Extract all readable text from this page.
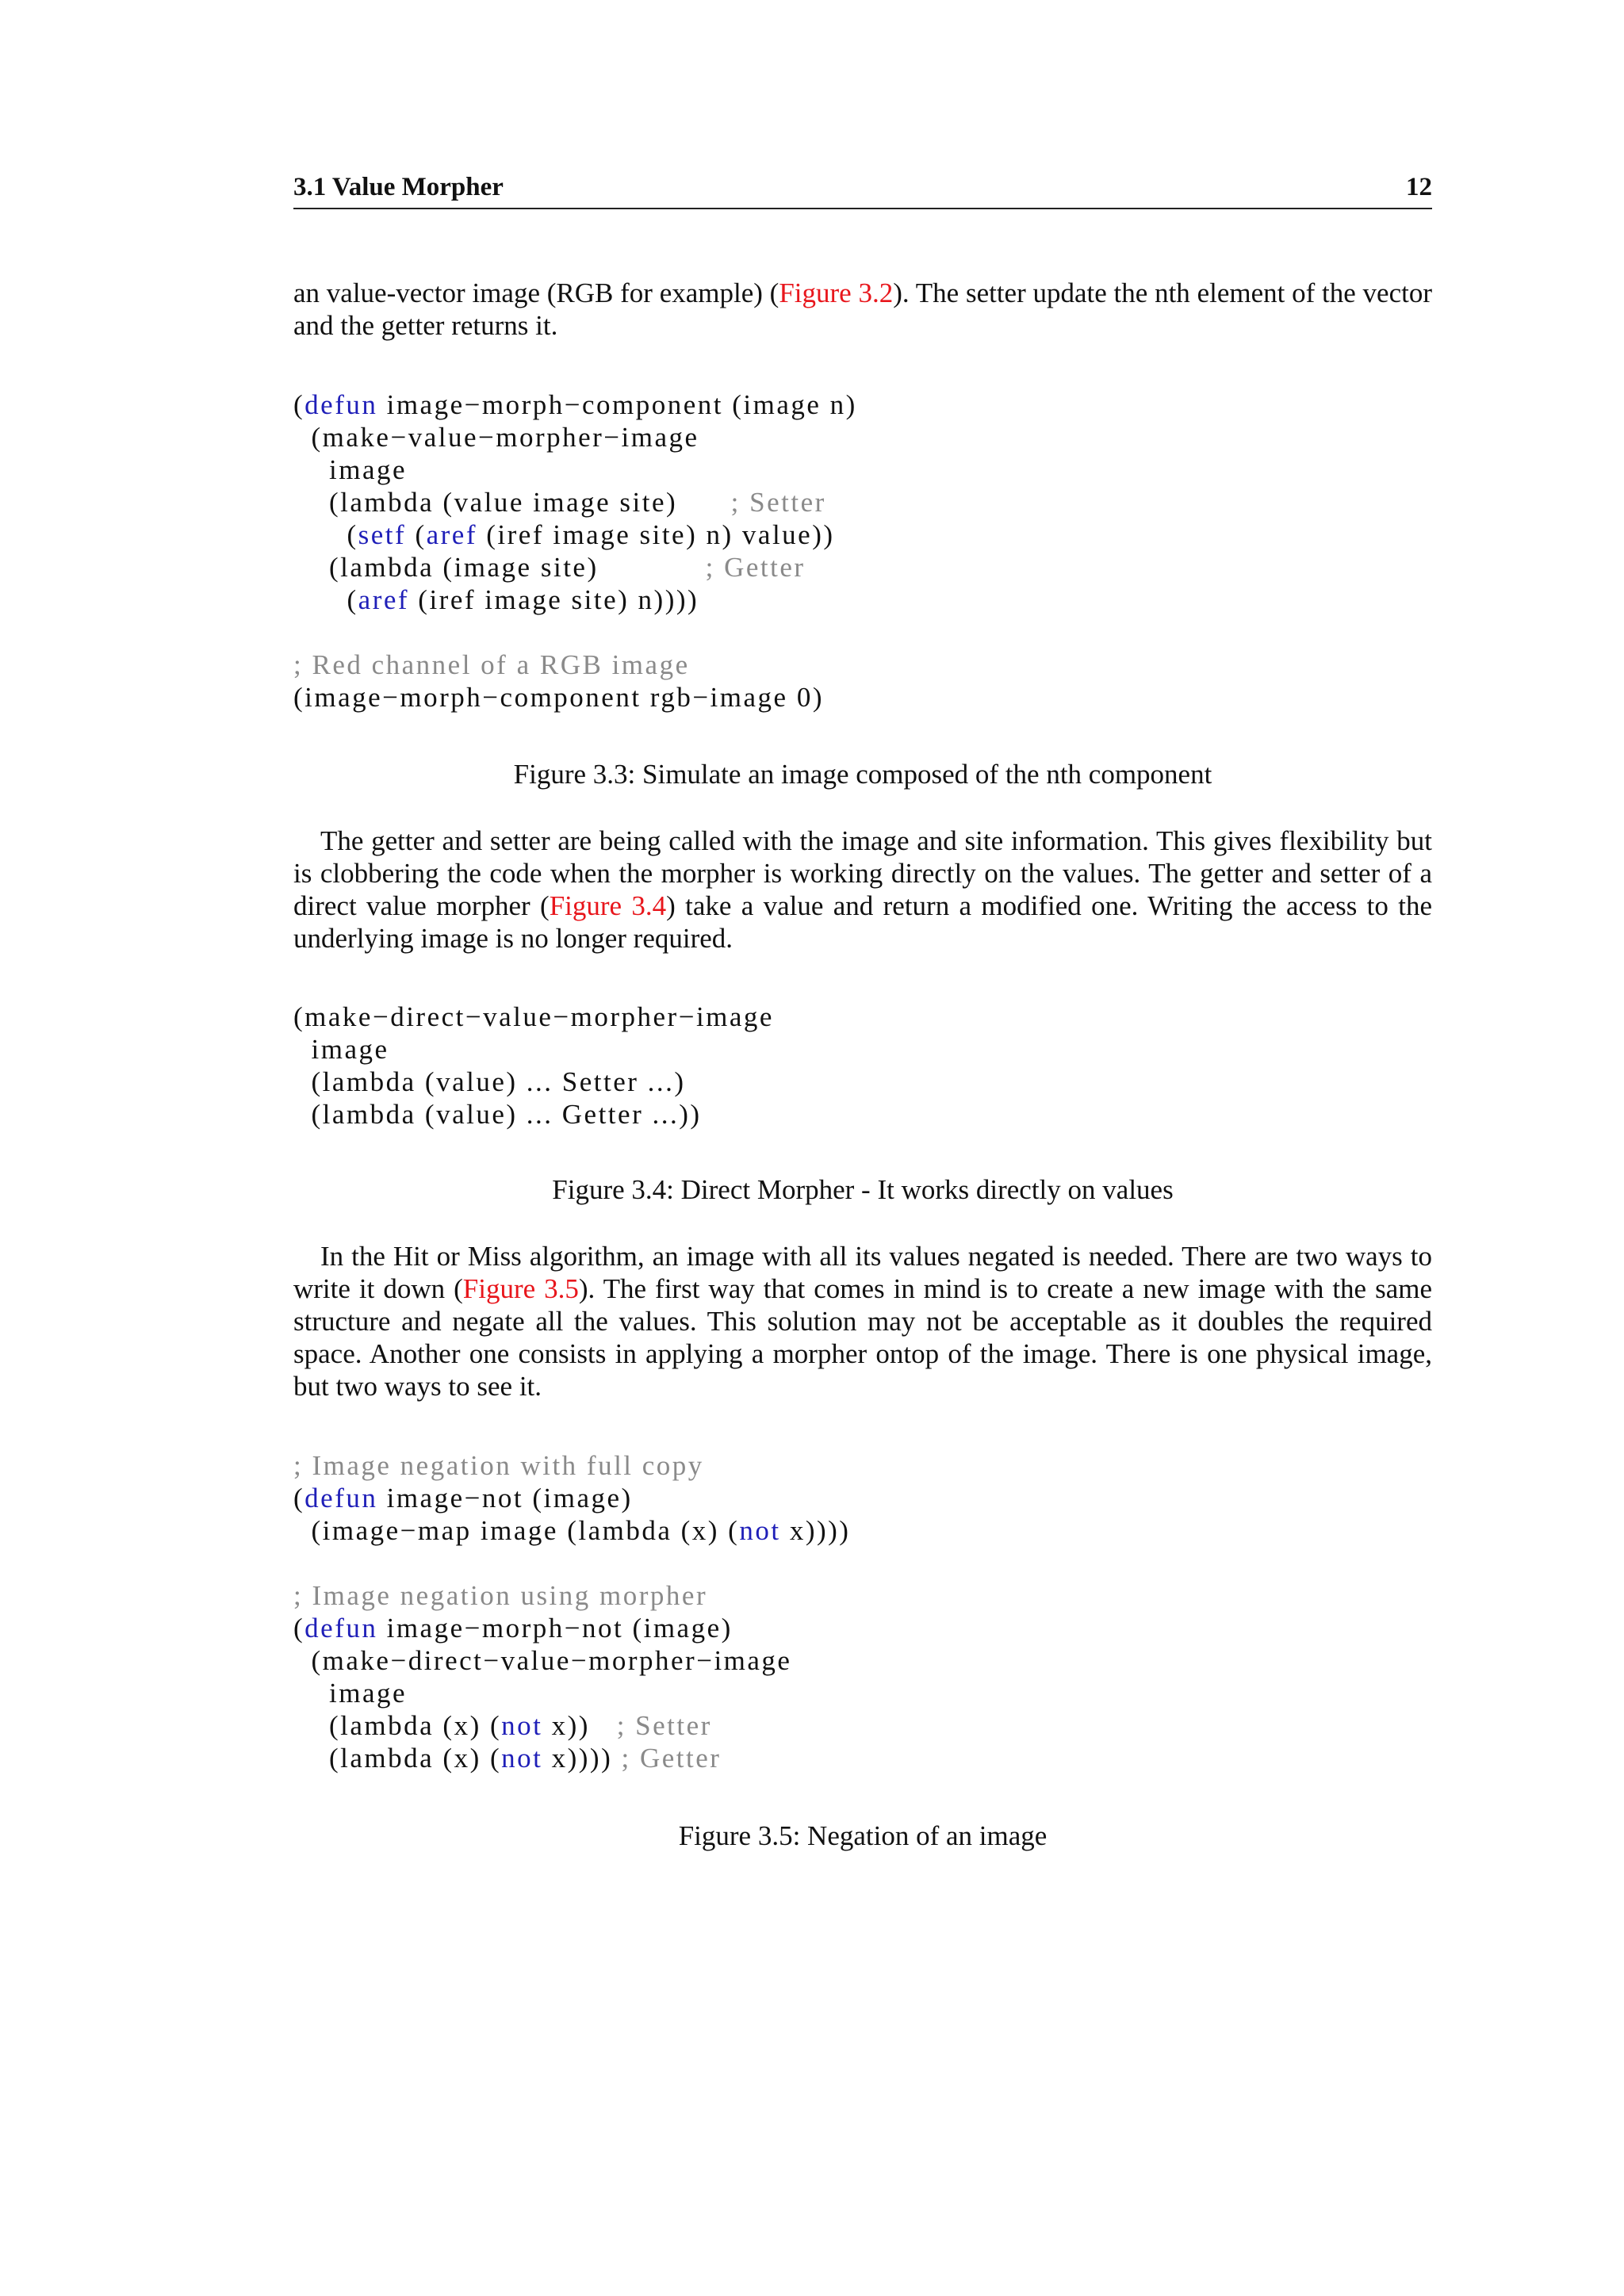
3.1 Value Morpher	12

an value-vector image (RGB for example) (Figure 3.2). The setter update the nth element of the vector and the getter returns it.

(defun image−morph−component (image n)
(make−value−morpher−image
image
(lambda (value image site)      ; Setter
(setf (aref (iref image site) n) value))
(lambda (image site)            ; Getter
(aref (iref image site) n))))

; Red channel of a RGB image
(image−morph−component rgb−image 0)
Figure 3.3: Simulate an image composed of the nth component

The getter and setter are being called with the image and site information. This gives flexibility but is clobbering the code when the morpher is working directly on the values. The getter and setter of a direct value morpher (Figure 3.4) take a value and return a modified one. Writing the access to the underlying image is no longer required.

(make−direct−value−morpher−image
image
(lambda (value) ... Setter ...)
(lambda (value) ... Getter ...))
Figure 3.4: Direct Morpher - It works directly on values

In the Hit or Miss algorithm, an image with all its values negated is needed. There are two ways to write it down (Figure 3.5). The first way that comes in mind is to create a new image with the same structure and negate all the values. This solution may not be acceptable as it doubles the required space. Another one consists in applying a morpher ontop of the image. There is one physical image, but two ways to see it.

; Image negation with full copy
(defun image−not (image)
(image−map image (lambda (x) (not x))))

; Image negation using morpher
(defun image−morph−not (image)
(make−direct−value−morpher−image
image
(lambda (x) (not x))   ; Setter
(lambda (x) (not x)))) ; Getter
Figure 3.5: Negation of an image
